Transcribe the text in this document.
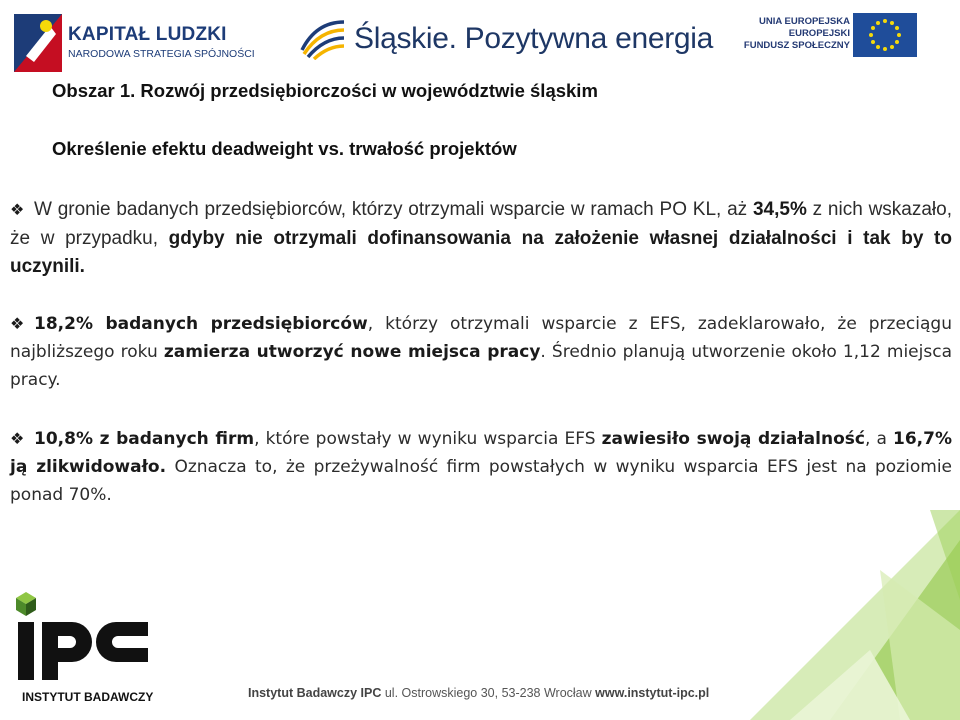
KAPITAŁ LUDZKI
NARODOWA STRATEGIA SPÓJNOŚCI	Śląskie. Pozytywna energia
UNIA EUROPEJSKA
EUROPEJSKI
FUNDUSZ SPOŁECZNY
Obszar 1. Rozwój przedsiębiorczości w województwie śląskim
Określenie efektu deadweight vs. trwałość projektów
❖ W gronie badanych przedsiębiorców, którzy otrzymali wsparcie w ramach PO KL, aż 34,5% z nich wskazało, że w przypadku, gdyby nie otrzymali dofinansowania na założenie własnej działalności i tak by to uczynili.
❖ 18,2% badanych przedsiębiorców, którzy otrzymali wsparcie z EFS, zadeklarowało, że przeciągu najbliższego roku zamierza utworzyć nowe miejsca pracy. Średnio planują utworzenie około 1,12 miejsca pracy.
❖ 10,8% z badanych firm, które powstały w wyniku wsparcia EFS zawiesiło swoją działalność, a 16,7% ją zlikwidowało. Oznacza to, że przeżywalność firm powstałych w wyniku wsparcia EFS jest na poziomie ponad 70%.
INSTYTUT BADAWCZY	Instytut Badawczy IPC ul. Ostrowskiego 30, 53-238 Wrocław www.instytut-ipc.pl
